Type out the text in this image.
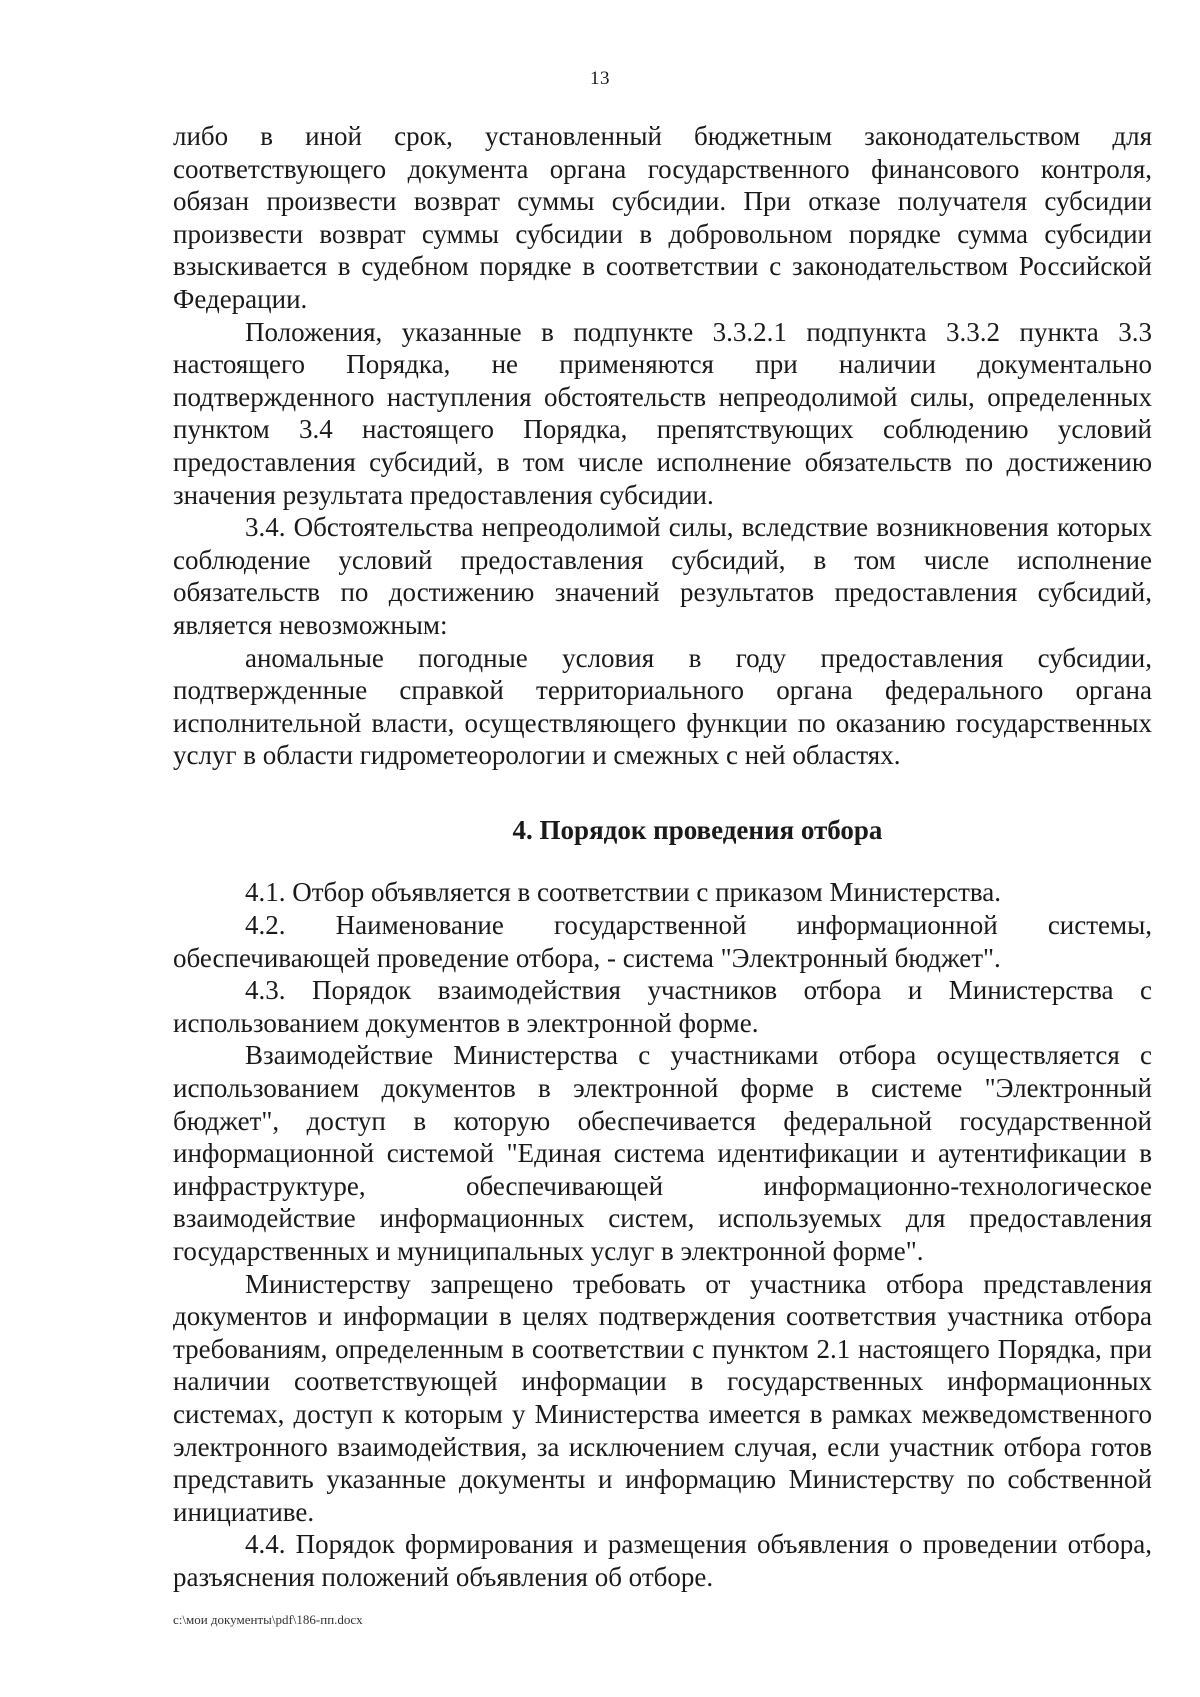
13

либо в иной срок, установленный бюджетным законодательством для соответствующего документа органа государственного финансового контроля, обязан произвести возврат суммы субсидии. При отказе получателя субсидии произвести возврат суммы субсидии в добровольном порядке сумма субсидии взыскивается в судебном порядке в соответствии с законодательством Российской Федерации.

Положения, указанные в подпункте 3.3.2.1 подпункта 3.3.2 пункта 3.3 настоящего Порядка, не применяются при наличии документально подтвержденного наступления обстоятельств непреодолимой силы, определенных пунктом 3.4 настоящего Порядка, препятствующих соблюдению условий предоставления субсидий, в том числе исполнение обязательств по достижению значения результата предоставления субсидии.

3.4. Обстоятельства непреодолимой силы, вследствие возникновения которых соблюдение условий предоставления субсидий, в том числе исполнение обязательств по достижению значений результатов предоставления субсидий, является невозможным:

аномальные погодные условия в году предоставления субсидии, подтвержденные справкой территориального органа федерального органа исполнительной власти, осуществляющего функции по оказанию государственных услуг в области гидрометеорологии и смежных с ней областях.

4. Порядок проведения отбора

4.1. Отбор объявляется в соответствии с приказом Министерства.

4.2. Наименование государственной информационной системы, обеспечивающей проведение отбора, - система "Электронный бюджет".

4.3. Порядок взаимодействия участников отбора и Министерства с использованием документов в электронной форме.

Взаимодействие Министерства с участниками отбора осуществляется с использованием документов в электронной форме в системе "Электронный бюджет", доступ в которую обеспечивается федеральной государственной информационной системой "Единая система идентификации и аутентификации в инфраструктуре, обеспечивающей информационно-технологическое взаимодействие информационных систем, используемых для предоставления государственных и муниципальных услуг в электронной форме".

Министерству запрещено требовать от участника отбора представления документов и информации в целях подтверждения соответствия участника отбора требованиям, определенным в соответствии с пунктом 2.1 настоящего Порядка, при наличии соответствующей информации в государственных информационных системах, доступ к которым у Министерства имеется в рамках межведомственного электронного взаимодействия, за исключением случая, если участник отбора готов представить указанные документы и информацию Министерству по собственной инициативе.

4.4. Порядок формирования и размещения объявления о проведении отбора, разъяснения положений объявления об отборе.

c:\мои документы\pdf\186-пп.docx
